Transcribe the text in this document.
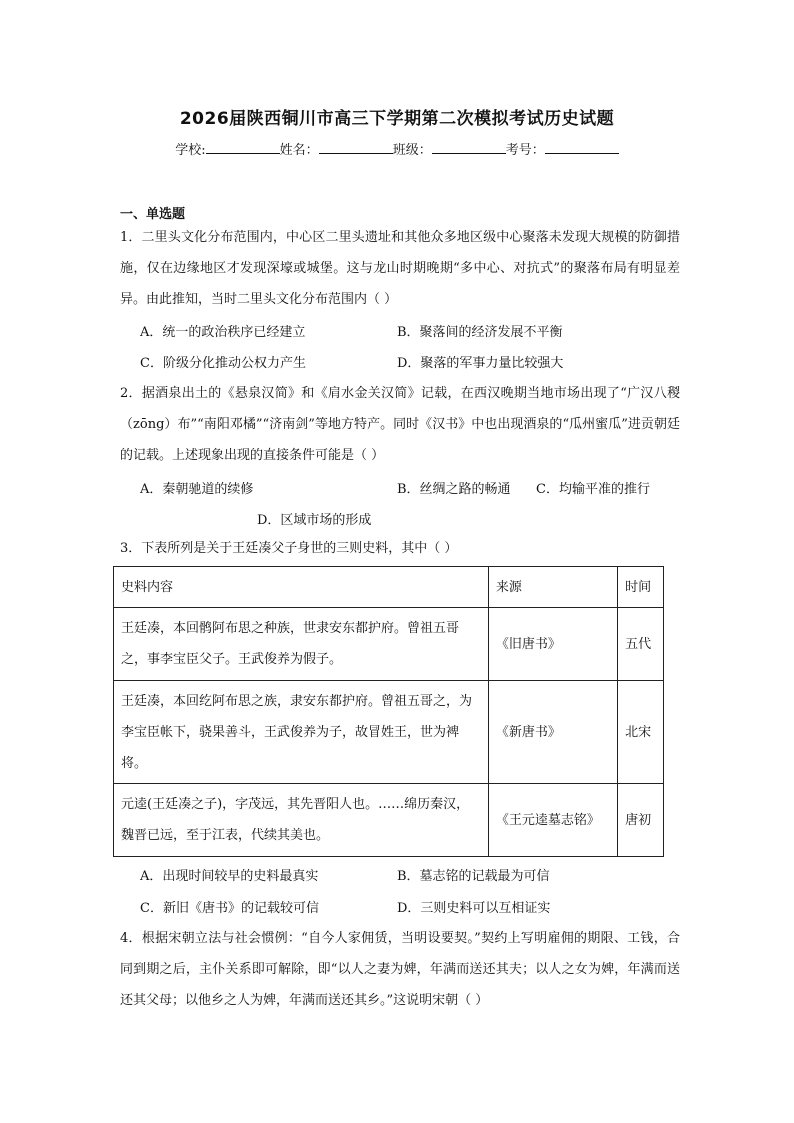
2026届陕西铜川市高三下学期第二次模拟考试历史试题
学校:	姓名：	班级：	考号：
一、单选题
1．二里头文化分布范围内，中心区二里头遗址和其他众多地区级中心聚落未发现大规模的防御措施，仅在边缘地区才发现深壕或城堡。这与龙山时期晚期“多中心、对抗式”的聚落布局有明显差异。由此推知，当时二里头文化分布范围内（ ）
A．统一的政治秩序已经建立	B．聚落间的经济发展不平衡
C．阶级分化推动公权力产生	D．聚落的军事力量比较强大
2．据酒泉出土的《悬泉汉简》和《肩水金关汉简》记载，在西汉晚期当地市场出现了“广汉八稯（zōng）布”“南阳邓橘”“济南剑”等地方特产。同时《汉书》中也出现酒泉的“瓜州蜜瓜”进贡朝廷的记载。上述现象出现的直接条件可能是（ ）
A．秦朝驰道的续修	B．丝绸之路的畅通 C．均输平准的推行
D．区域市场的形成
3．下表所列是关于王廷凑父子身世的三则史料，其中（ ）
史料内容	来源	时间
王廷凑，本回鹘阿布思之种族，世隶安东都护府。曾祖五哥之，事李宝臣父子。王武俊养为假子。	《旧唐书》	五代
王廷凑，本回纥阿布思之族，隶安东都护府。曾祖五哥之，为李宝臣帐下，骁果善斗，王武俊养为子，故冒姓王，世为裨将。	《新唐书》	北宋
元逵(王廷凑之子)，字茂远，其先晋阳人也。……绵历秦汉，魏晋已远，至于江表，代续其美也。	《王元逵墓志铭》	唐初
A．出现时间较早的史料最真实	B．墓志铭的记载最为可信
C．新旧《唐书》的记载较可信	D．三则史料可以互相证实
4．根据宋朝立法与社会惯例：“自今人家佣赁，当明设要契。”契约上写明雇佣的期限、工钱，合同到期之后，主仆关系即可解除，即“以人之妻为婢，年满而送还其夫；以人之女为婢，年满而送还其父母；以他乡之人为婢，年满而送还其乡。”这说明宋朝（ ）
